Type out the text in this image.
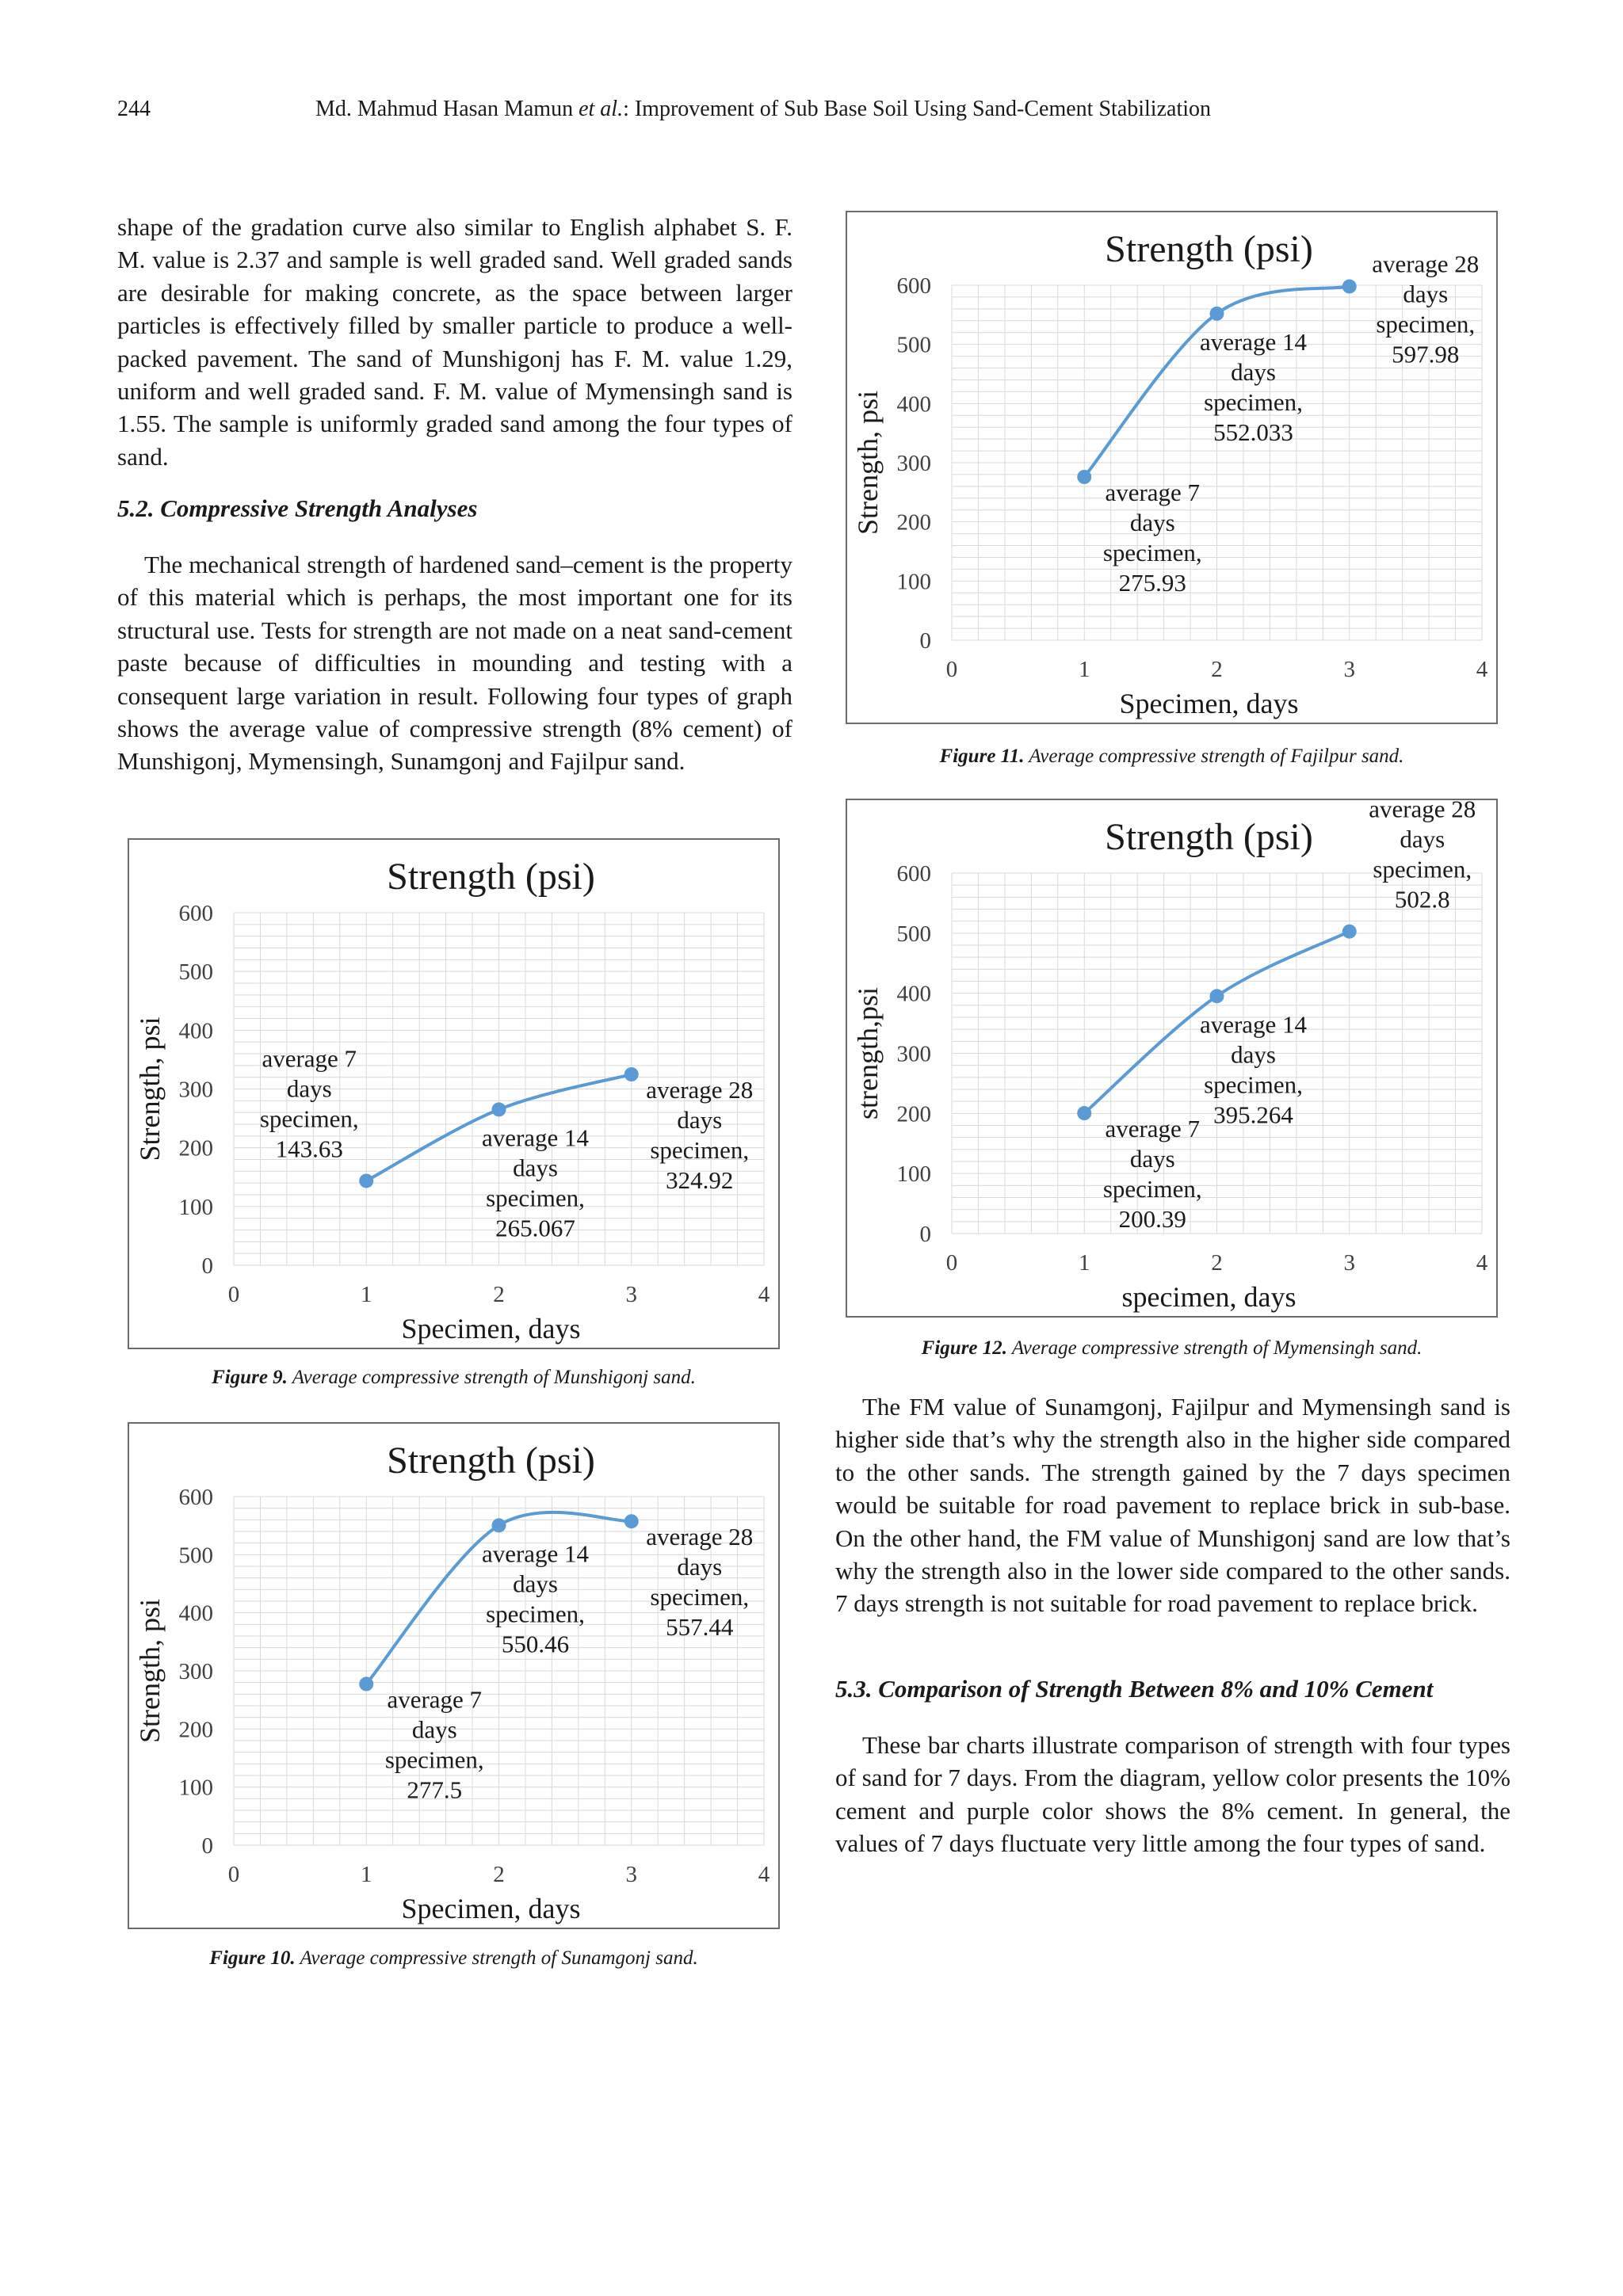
244	Md. Mahmud Hasan Mamun et al.: Improvement of Sub Base Soil Using Sand-Cement Stabilization

shape of the gradation curve also similar to English alphabet S. F. M. value is 2.37 and sample is well graded sand. Well graded sands are desirable for making concrete, as the space between larger particles is effectively filled by smaller particle to produce a well-packed pavement. The sand of Munshigonj has F. M. value 1.29, uniform and well graded sand. F. M. value of Mymensingh sand is 1.55. The sample is uniformly graded sand among the four types of sand.

5.2. Compressive Strength Analyses

The mechanical strength of hardened sand–cement is the property of this material which is perhaps, the most important one for its structural use. Tests for strength are not made on a neat sand-cement paste because of difficulties in mounding and testing with a consequent large variation in result. Following four types of graph shows the average value of compressive strength (8% cement) of Munshigonj, Mymensingh, Sunamgonj and Fajilpur sand.

Strength (psi)
Specimen, days
Strength, psi
0
100
200
300
400
500
600
0	1	2	3	4
average 7 days specimen, 143.63	average 14 days specimen, 265.067
average 28 days specimen, 324.92
Figure 9. Average compressive strength of Munshigonj sand.
Strength (psi)
Specimen, days
Strength, psi
0
100
200
300
400
500
600
0	1	2	3	4
average 7 days specimen, 277.5
average 14 days specimen, 550.46
average 28 days specimen, 557.44
Figure 10. Average compressive strength of Sunamgonj sand.
Strength (psi)
Specimen, days
Strength, psi
0
100
200
300
400
500
600
0	1	2	3	4
average 7 days specimen, 275.93
average 14 days specimen, 552.033
average 28 days specimen, 597.98
Figure 11. Average compressive strength of Fajilpur sand.
Strength (psi)
specimen, days
strength,psi
0
100
200
300
400
500
600
0	1	2	3	4
average 7 days specimen, 200.39
average 14 days specimen, 395.264
average 28 days specimen, 502.8
Figure 12. Average compressive strength of Mymensingh sand.

The FM value of Sunamgonj, Fajilpur and Mymensingh sand is higher side that’s why the strength also in the higher side compared to the other sands. The strength gained by the 7 days specimen would be suitable for road pavement to replace brick in sub-base. On the other hand, the FM value of Munshigonj sand are low that’s why the strength also in the lower side compared to the other sands. 7 days strength is not suitable for road pavement to replace brick.

5.3. Comparison of Strength Between 8% and 10% Cement

These bar charts illustrate comparison of strength with four types of sand for 7 days. From the diagram, yellow color presents the 10% cement and purple color shows the 8% cement. In general, the values of 7 days fluctuate very little among the four types of sand.
